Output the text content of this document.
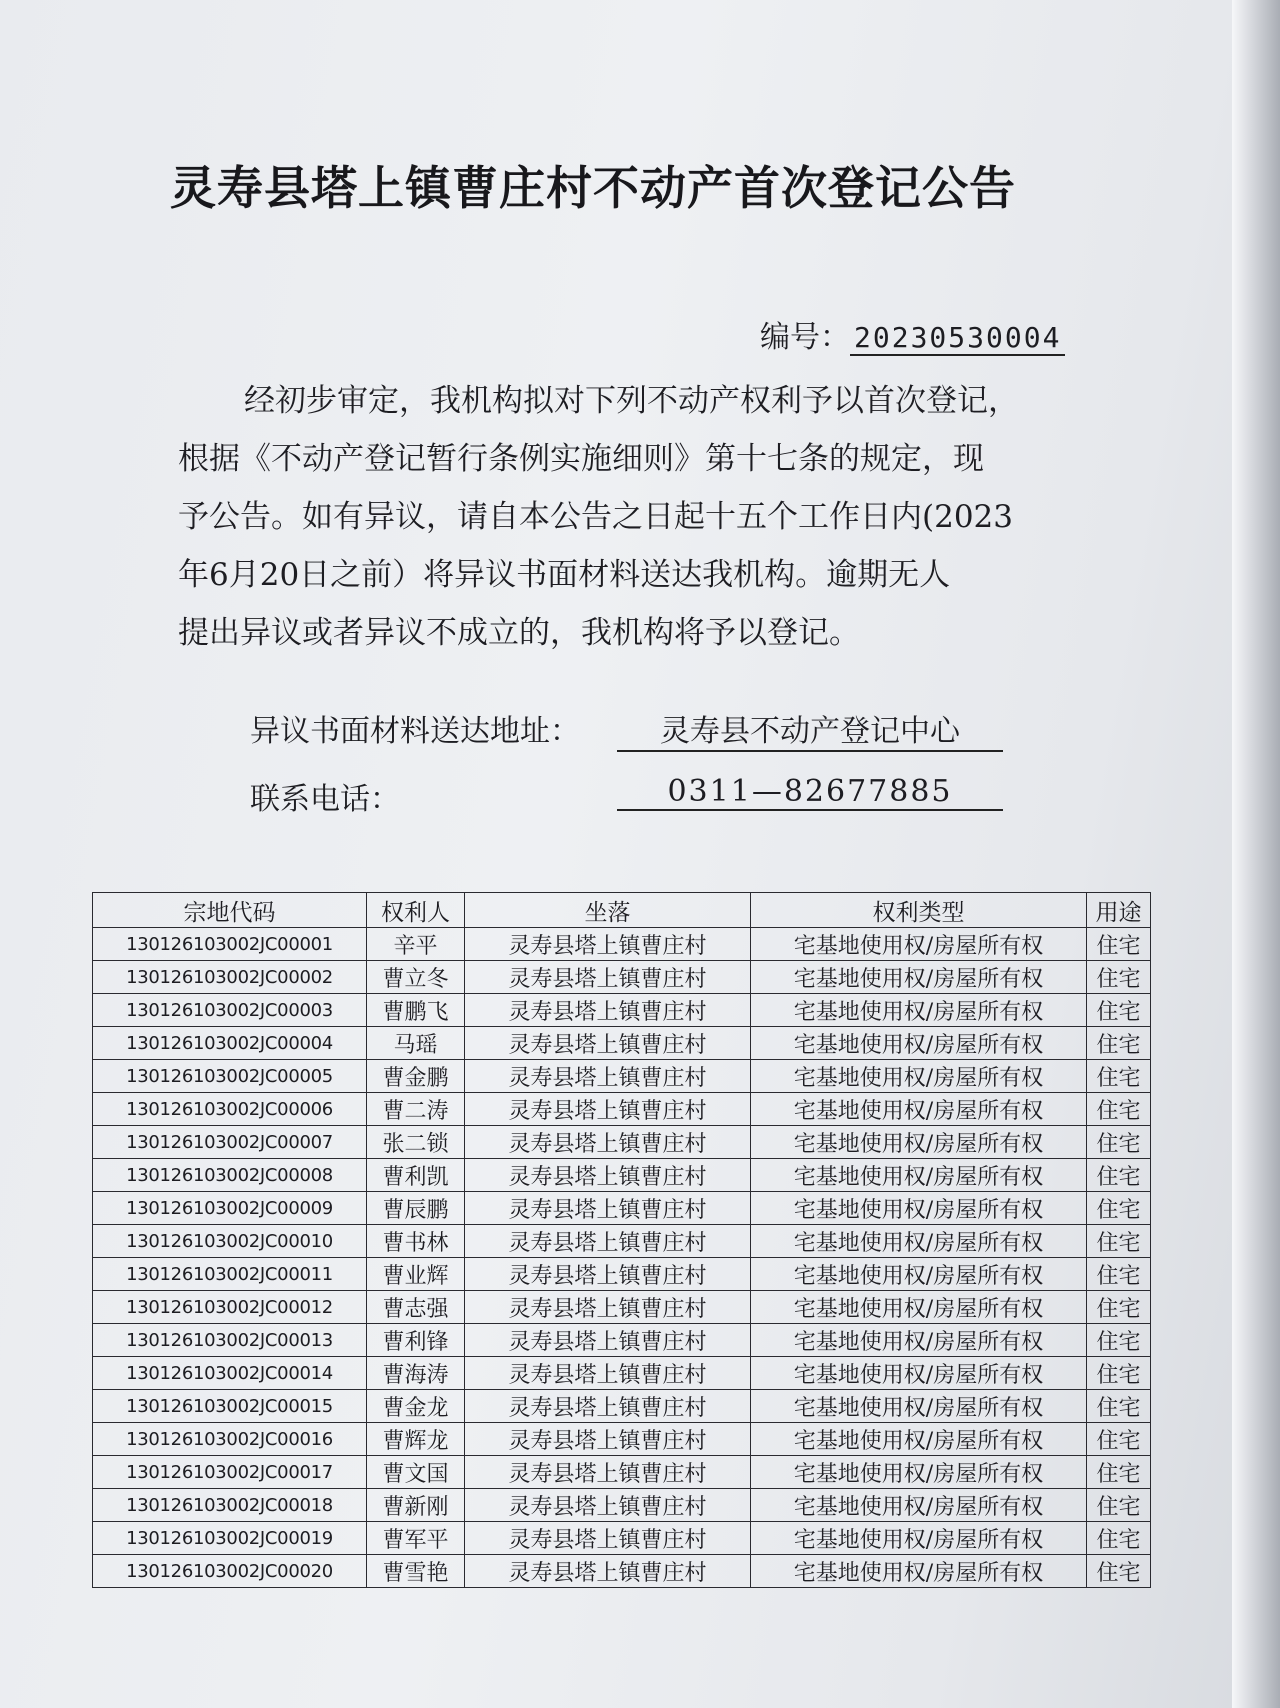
灵寿县塔上镇曹庄村不动产首次登记公告
编号： 20230530004

经初步审定，我机构拟对下列不动产权利予以首次登记，

根据《不动产登记暂行条例实施细则》第十七条的规定，现

予公告。如有异议，请自本公告之日起十五个工作日内(2023

年6月20日之前）将异议书面材料送达我机构。逾期无人

提出异议或者异议不成立的，我机构将予以登记。

异议书面材料送达地址：	灵寿县不动产登记中心
联系电话：	0311—82677885
宗地代码	权利人	坐落	权利类型	用途
130126103002JC00001	辛平	灵寿县塔上镇曹庄村	宅基地使用权/房屋所有权	住宅
130126103002JC00002	曹立冬	灵寿县塔上镇曹庄村	宅基地使用权/房屋所有权	住宅
130126103002JC00003	曹鹏飞	灵寿县塔上镇曹庄村	宅基地使用权/房屋所有权	住宅
130126103002JC00004	马瑶	灵寿县塔上镇曹庄村	宅基地使用权/房屋所有权	住宅
130126103002JC00005	曹金鹏	灵寿县塔上镇曹庄村	宅基地使用权/房屋所有权	住宅
130126103002JC00006	曹二涛	灵寿县塔上镇曹庄村	宅基地使用权/房屋所有权	住宅
130126103002JC00007	张二锁	灵寿县塔上镇曹庄村	宅基地使用权/房屋所有权	住宅
130126103002JC00008	曹利凯	灵寿县塔上镇曹庄村	宅基地使用权/房屋所有权	住宅
130126103002JC00009	曹辰鹏	灵寿县塔上镇曹庄村	宅基地使用权/房屋所有权	住宅
130126103002JC00010	曹书林	灵寿县塔上镇曹庄村	宅基地使用权/房屋所有权	住宅
130126103002JC00011	曹业辉	灵寿县塔上镇曹庄村	宅基地使用权/房屋所有权	住宅
130126103002JC00012	曹志强	灵寿县塔上镇曹庄村	宅基地使用权/房屋所有权	住宅
130126103002JC00013	曹利锋	灵寿县塔上镇曹庄村	宅基地使用权/房屋所有权	住宅
130126103002JC00014	曹海涛	灵寿县塔上镇曹庄村	宅基地使用权/房屋所有权	住宅
130126103002JC00015	曹金龙	灵寿县塔上镇曹庄村	宅基地使用权/房屋所有权	住宅
130126103002JC00016	曹辉龙	灵寿县塔上镇曹庄村	宅基地使用权/房屋所有权	住宅
130126103002JC00017	曹文国	灵寿县塔上镇曹庄村	宅基地使用权/房屋所有权	住宅
130126103002JC00018	曹新刚	灵寿县塔上镇曹庄村	宅基地使用权/房屋所有权	住宅
130126103002JC00019	曹军平	灵寿县塔上镇曹庄村	宅基地使用权/房屋所有权	住宅
130126103002JC00020	曹雪艳	灵寿县塔上镇曹庄村	宅基地使用权/房屋所有权	住宅
